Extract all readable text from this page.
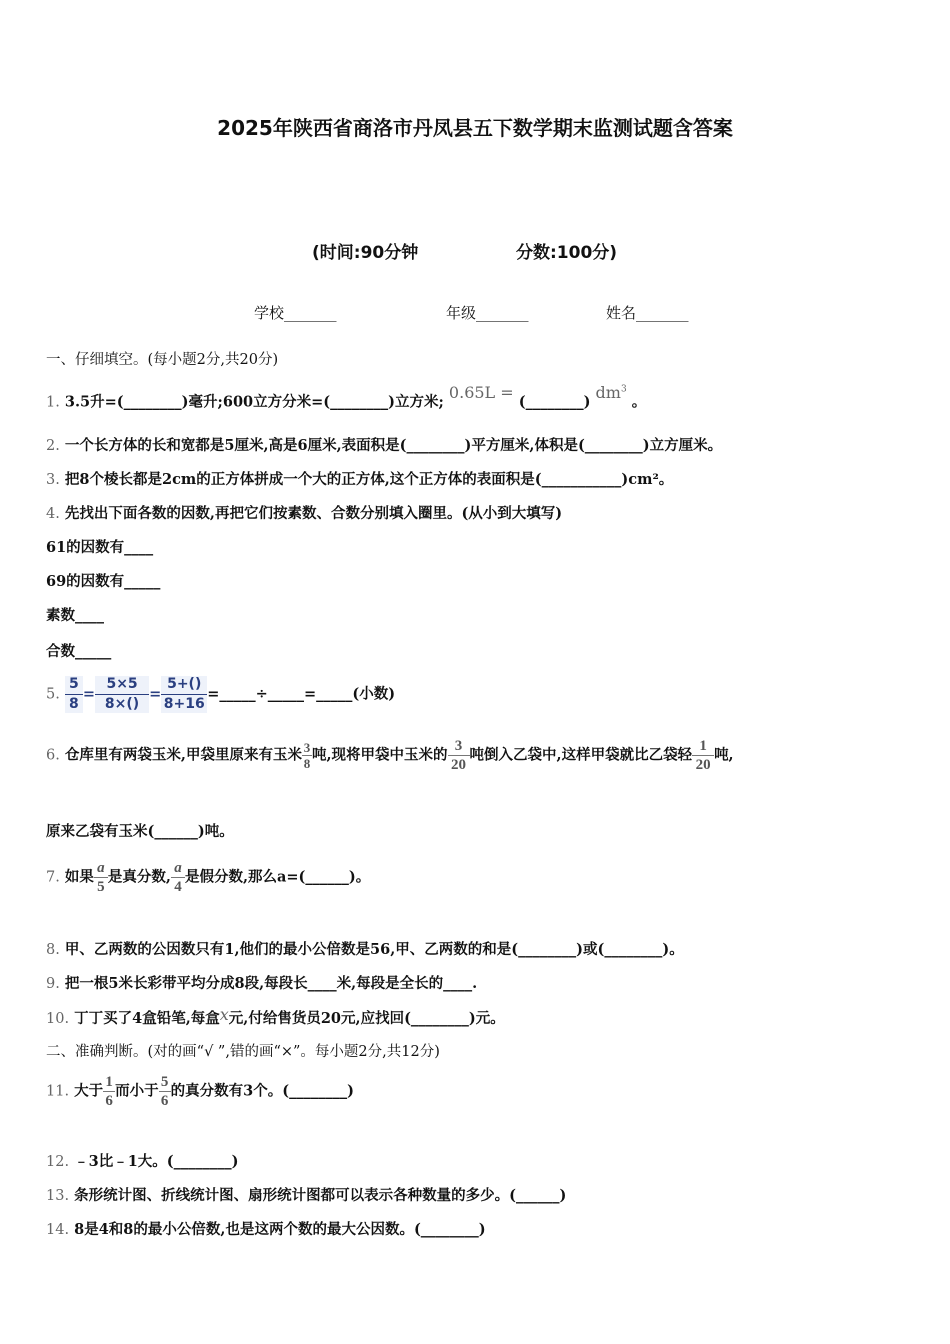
2025年陕西省商洛市丹凤县五下数学期末监测试题含答案
(时间:90分钟	分数:100分)
学校_______	年级_______	姓名_______
一、仔细填空。(每小题2分,共20分)
1. 3.5升=(________)毫升;600立方分米=(________)立方米; 0.65L = (________) $dm^3$ 。
2. 一个长方体的长和宽都是5厘米,高是6厘米,表面积是(________)平方厘米,体积是(________)立方厘米。
3. 把8个棱长都是2cm的正方体拼成一个大的正方体,这个正方体的表面积是(___________)cm²。
4. 先找出下面各数的因数,再把它们按素数、合数分别填入圈里。(从小到大填写)
61的因数有____
69的因数有_____
素数____
合数_____
5. $\frac{5}{8} = \frac{5\times 5}{8\times()} = \frac{5+()}{8+16}$ =_____÷_____=_____(小数)
6. 仓库里有两袋玉米,甲袋里原来有玉米 $\frac{3}{8}$ 吨,现将甲袋中玉米的 $\frac{3}{20}$ 吨倒入乙袋中,这样甲袋就比乙袋轻 $\frac{1}{20}$ 吨,
原来乙袋有玉米(______)吨。
7. 如果 $\frac{a}{5}$ 是真分数, $\frac{a}{4}$ 是假分数,那么a=(______)。
8. 甲、乙两数的公因数只有1,他们的最小公倍数是56,甲、乙两数的和是(________)或(________)。
9. 把一根5米长彩带平均分成8段,每段长____米,每段是全长的____.
10. 丁丁买了4盒铅笔,每盒x元,付给售货员20元,应找回(________)元。
二、准确判断。(对的画“√ ”,错的画“×”。每小题2分,共12分)
11. 大于 $\frac{1}{6}$ 而小于 $\frac{5}{6}$ 的真分数有3个。(________)
12. ﹣3比﹣1大。(________)
13. 条形统计图、折线统计图、扇形统计图都可以表示各种数量的多少。(______)
14. 8是4和8的最小公倍数,也是这两个数的最大公因数。(________)
